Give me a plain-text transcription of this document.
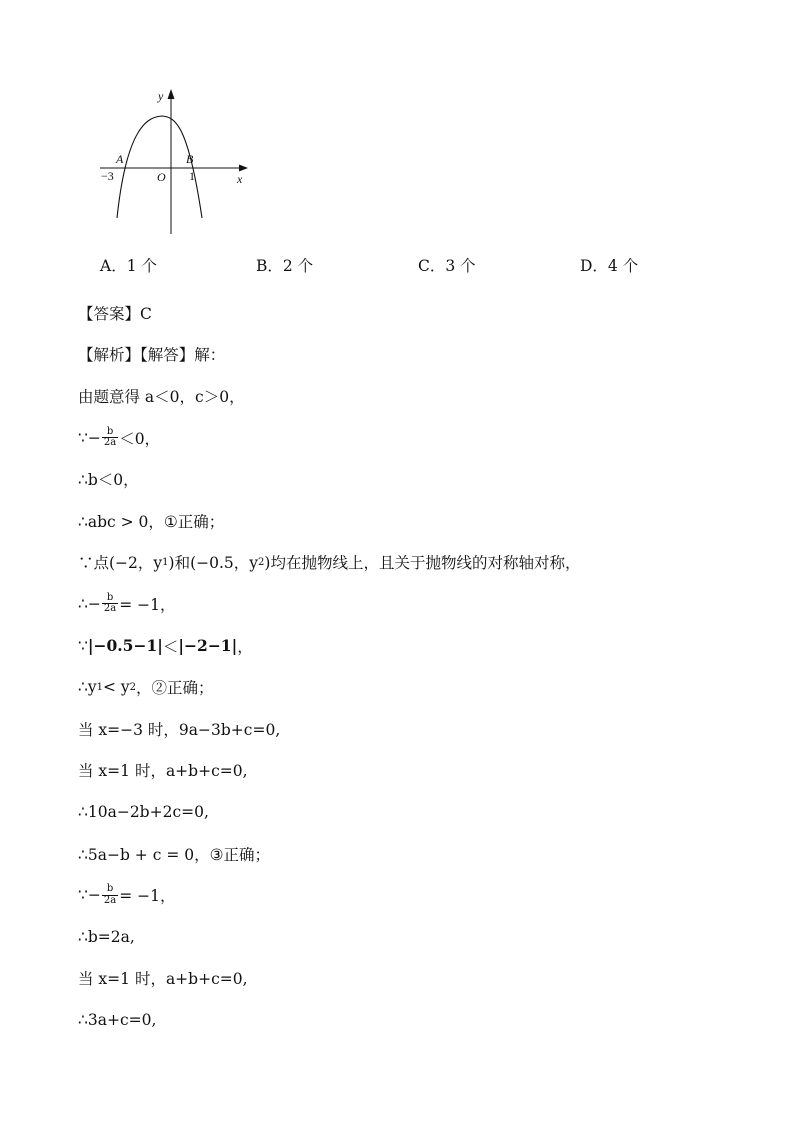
y
x
A	B
O
−3	1
A．1 个	B．2 个	C．3 个	D．4 个
【答案】C
【解析】【解答】解：
由题意得 a＜0，c＞0，
∵− $\frac{b}{2a} <0$，
∴b＜0，
∴abc > 0，①正确；
∵点(−2，y 1 )和(−0.5，y 2 )均在抛物线上，且关于抛物线的对称轴对称，
∴− $\frac{b}{2a} = -1$，
∵ |−0.5−1| ＜ |−2−1| ，
∴y 1 < y 2 ，②正确；
当 x=−3 时，9a−3b+c=0,
当 x=1 时，a+b+c=0,
∴10a−2b+2c=0,
∴5a−b + c = 0，③正确；
∵− $\frac{b}{2a} = -1$，
∴b=2a,
当 x=1 时，a+b+c=0,
∴3a+c=0,
